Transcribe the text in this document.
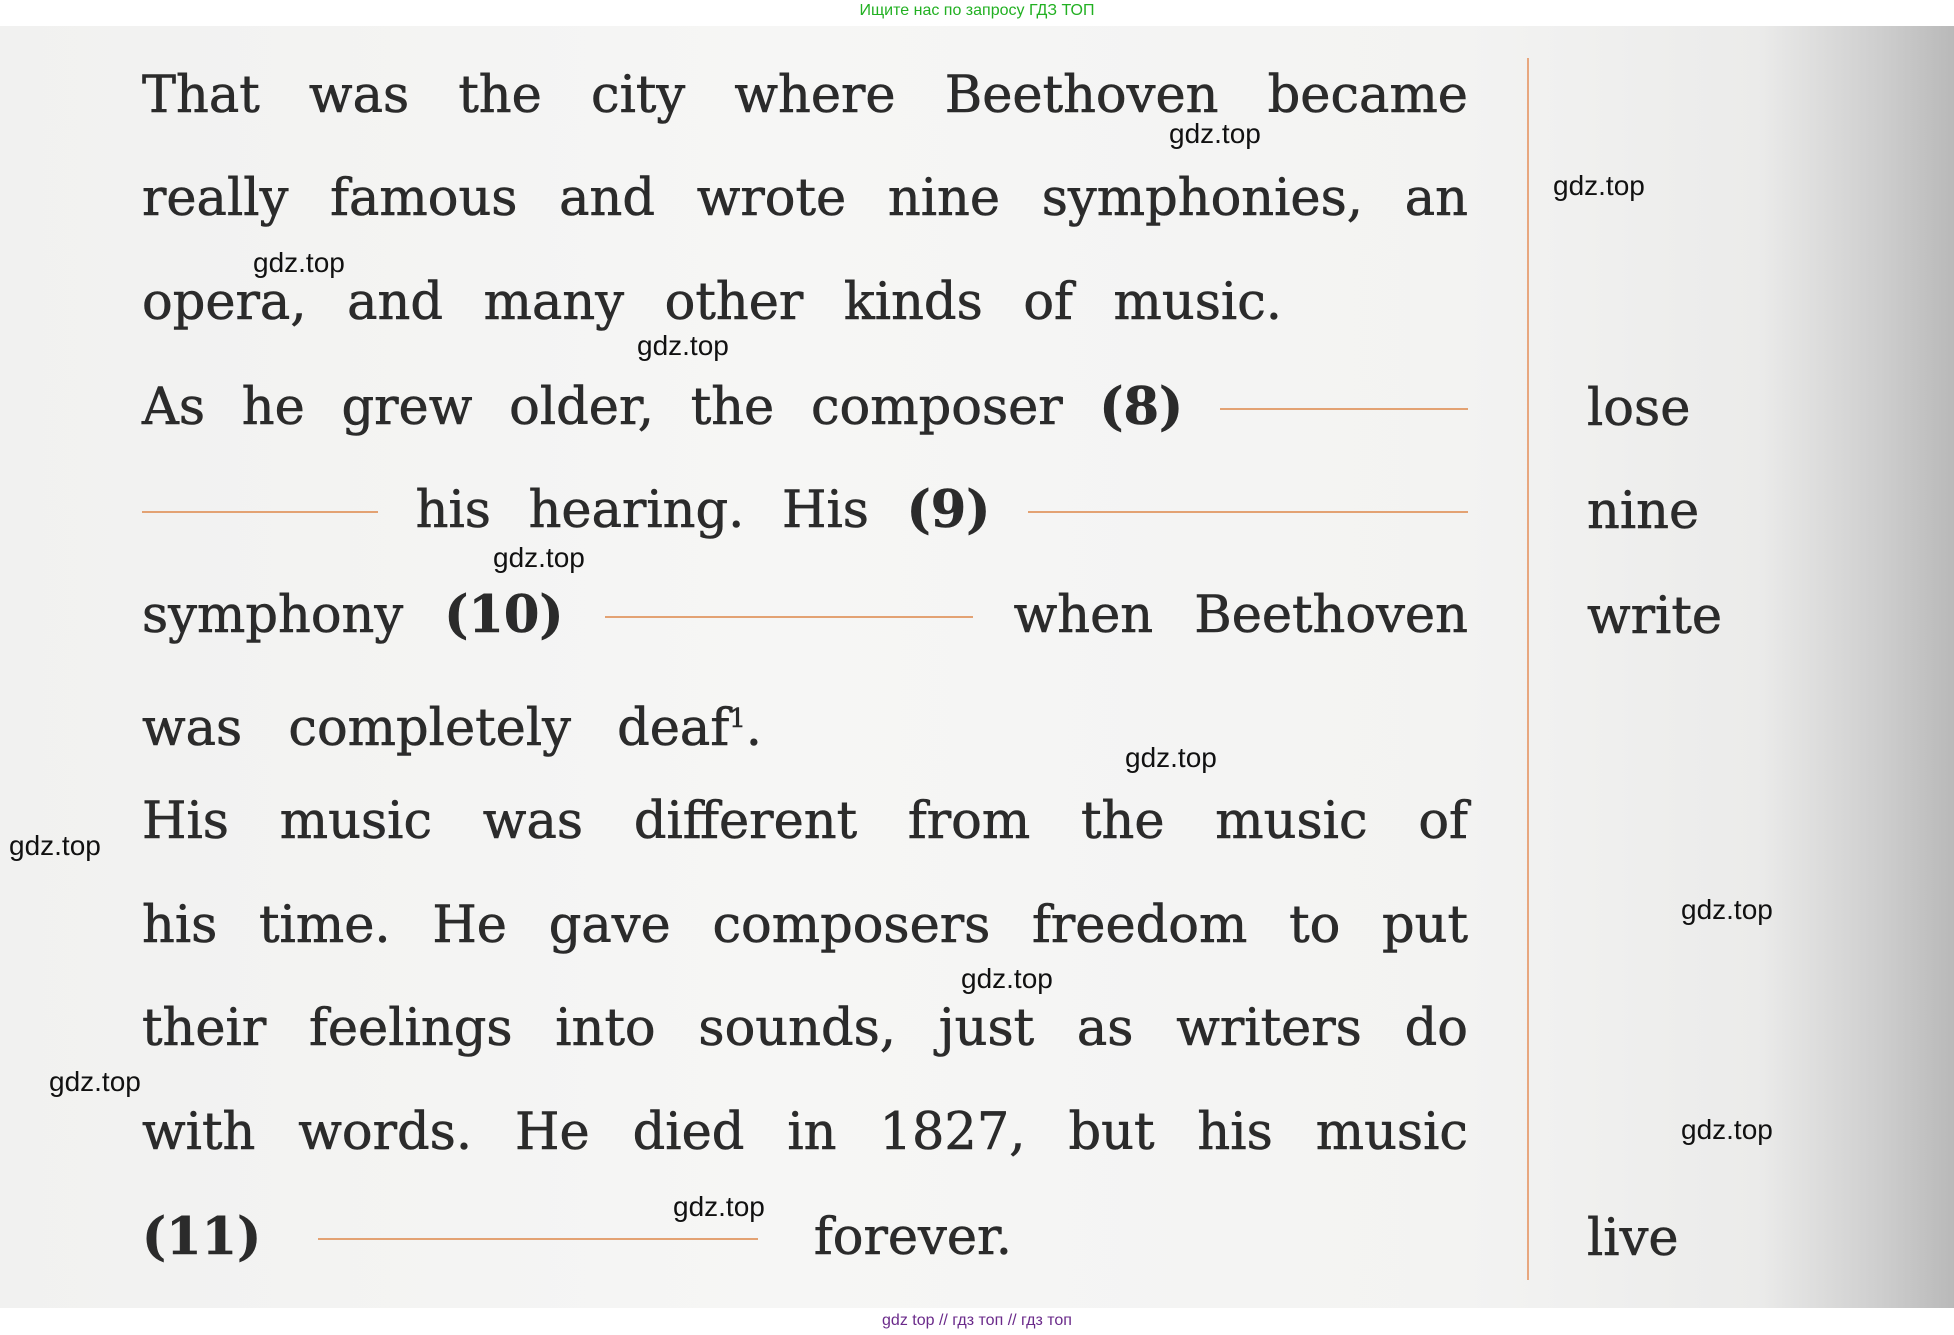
Ищите нас по запросу ГДЗ ТОП
That was the city where Beethoven became
really famous and wrote nine symphonies, an
opera, and many other kinds of music.
As he grew older, the composer (8)
his hearing. His (9)
symphony (10)	when Beethoven
was completely deaf$^1$.
His music was different from the music of
his time. He gave composers freedom to put
their feelings into sounds, just as writers do
with words. He died in 1827, but his music
(11)	forever.
lose
nine
write
live
gdz.top
gdz.top
gdz.top
gdz.top
gdz.top
gdz.top
gdz.top
gdz.top
gdz.top
gdz.top
gdz.top
gdz.top
gdz top // гдз топ // гдз топ
